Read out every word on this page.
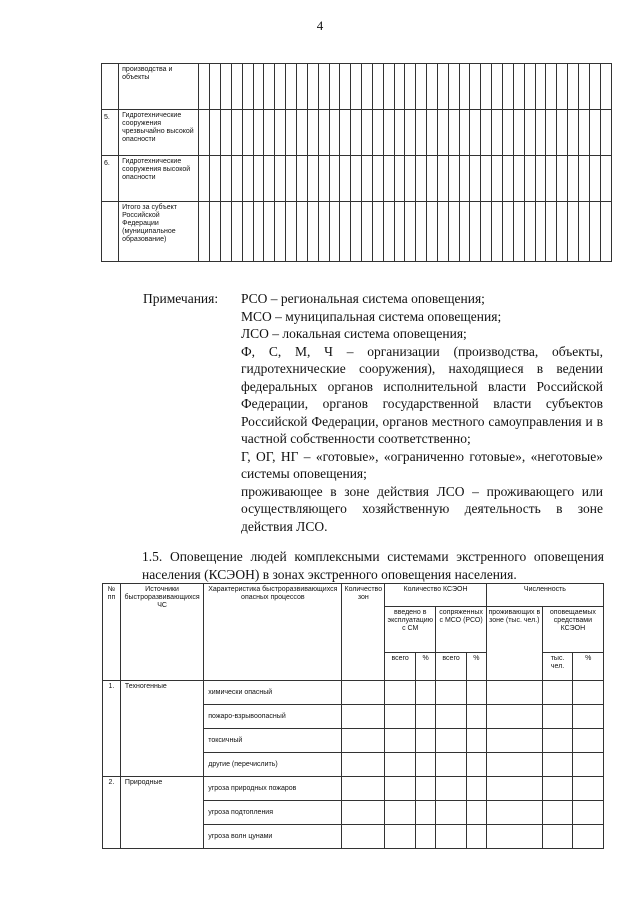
4
	производства и объекты																																						
5.	Гидротехнические сооружения чрезвычайно высокой опасности																																						
6.	Гидротехнические сооружения высокой опасности																																						
	Итого за субъект Российской Федерации (муниципальное образование)																																						
Примечания: РСО – региональная система оповещения;

МСО – муниципальная система оповещения;

ЛСО – локальная система оповещения;

Ф, С, М, Ч – организации (производства, объекты, гидротехнические сооружения), находящиеся в ведении федеральных органов исполнительной власти Российской Федерации, органов государственной власти субъектов Российской Федерации, органов местного самоуправления и в частной собственности соответственно;

Г, ОГ, НГ – «готовые», «ограниченно готовые», «неготовые» системы оповещения;

проживающее в зоне действия ЛСО – проживающего или осуществляющего хозяйственную деятельность в зоне действия ЛСО.

1.5. Оповещение людей комплексными системами экстренного оповещения населения (КСЭОН) в зонах экстренного оповещения населения.

№ пп	Источники быстроразвивающихся ЧС	Характеристика быстроразвивающихся опасных процессов	Количество зон	Количество КСЭОН				Численность		
				введено в эксплуатацию с СМ		сопряженных с МСО (РСО)		проживающих в зоне (тыс. чел.)	оповещаемых средствами КСЭОН	
				всего	%	всего	%		тыс. чел.	%
1.	Техногенные	химически опасный								
		пожаро-взрывоопасный								
		токсичный								
		другие (перечислить)								
2.	Природные	угроза природных пожаров								
		угроза подтопления								
		угроза волн цунами								
